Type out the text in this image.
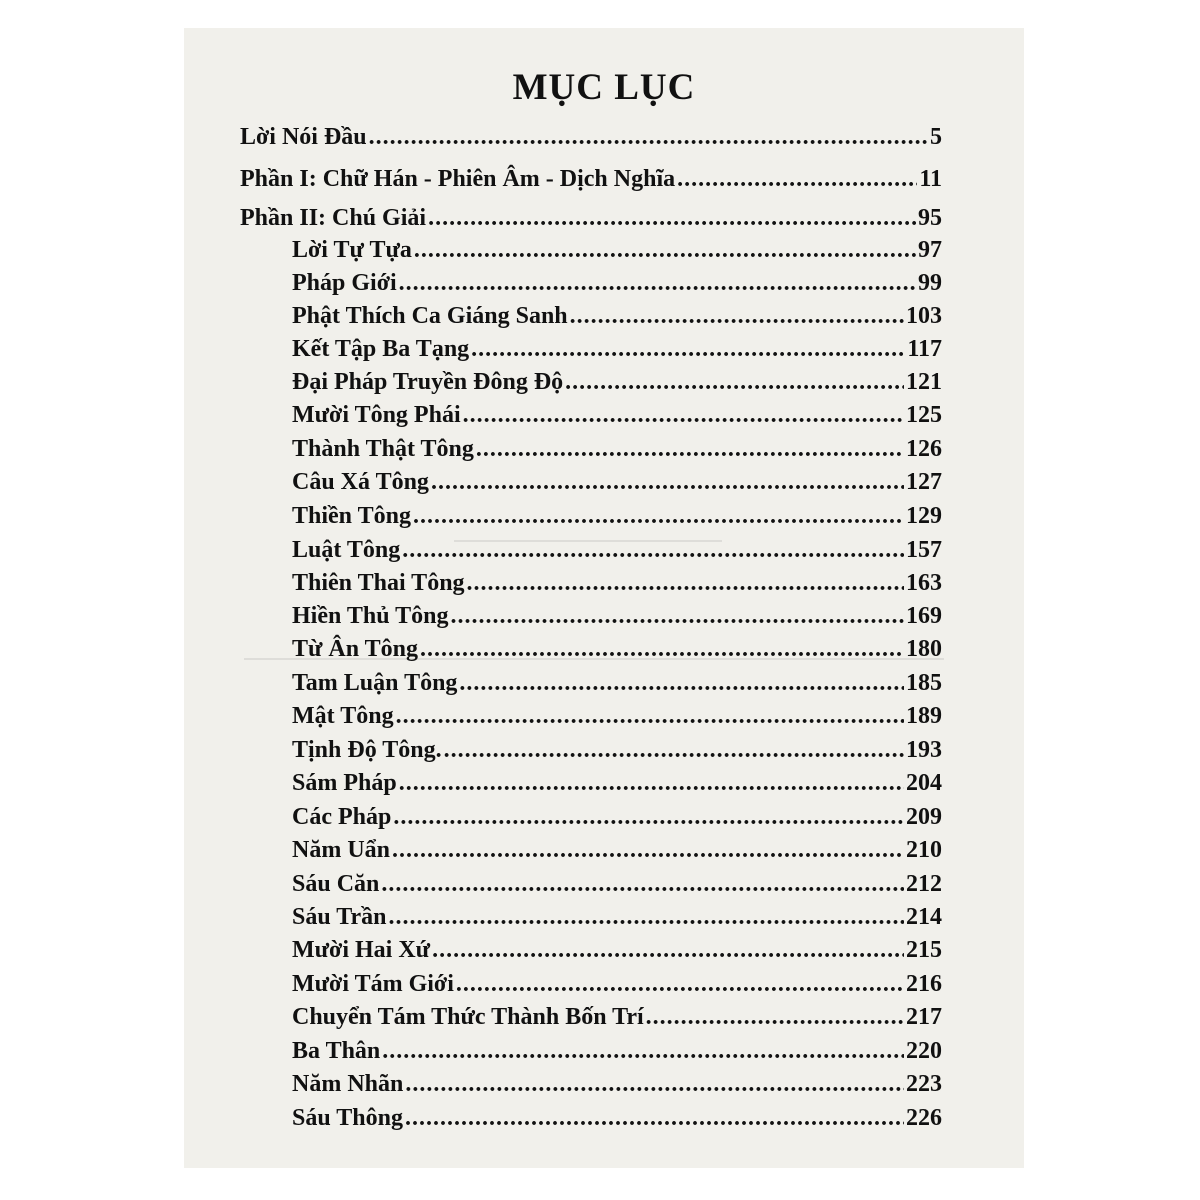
MỤC LỤC
Lời Nói Đầu .....	5
Phần I: Chữ Hán - Phiên Âm - Dịch Nghĩa .....	11
Phần II: Chú Giải .....	95
Lời Tự Tựa .....	97
Pháp Giới .....	99
Phật Thích Ca Giáng Sanh .....	103
Kết Tập Ba Tạng .....	117
Đại Pháp Truyền Đông Độ .....	121
Mười Tông Phái .....	125
Thành Thật Tông .....	126
Câu Xá Tông .....	127
Thiền Tông .....	129
Luật Tông .....	157
Thiên Thai Tông .....	163
Hiền Thủ Tông .....	169
Từ Ân Tông .....	180
Tam Luận Tông .....	185
Mật Tông .....	189
Tịnh Độ Tông. .....	193
Sám Pháp .....	204
Các Pháp .....	209
Năm Uẩn .....	210
Sáu Căn .....	212
Sáu Trần .....	214
Mười Hai Xứ .....	215
Mười Tám Giới .....	216
Chuyển Tám Thức Thành Bốn Trí .....	217
Ba Thân .....	220
Năm Nhãn .....	223
Sáu Thông .....	226
